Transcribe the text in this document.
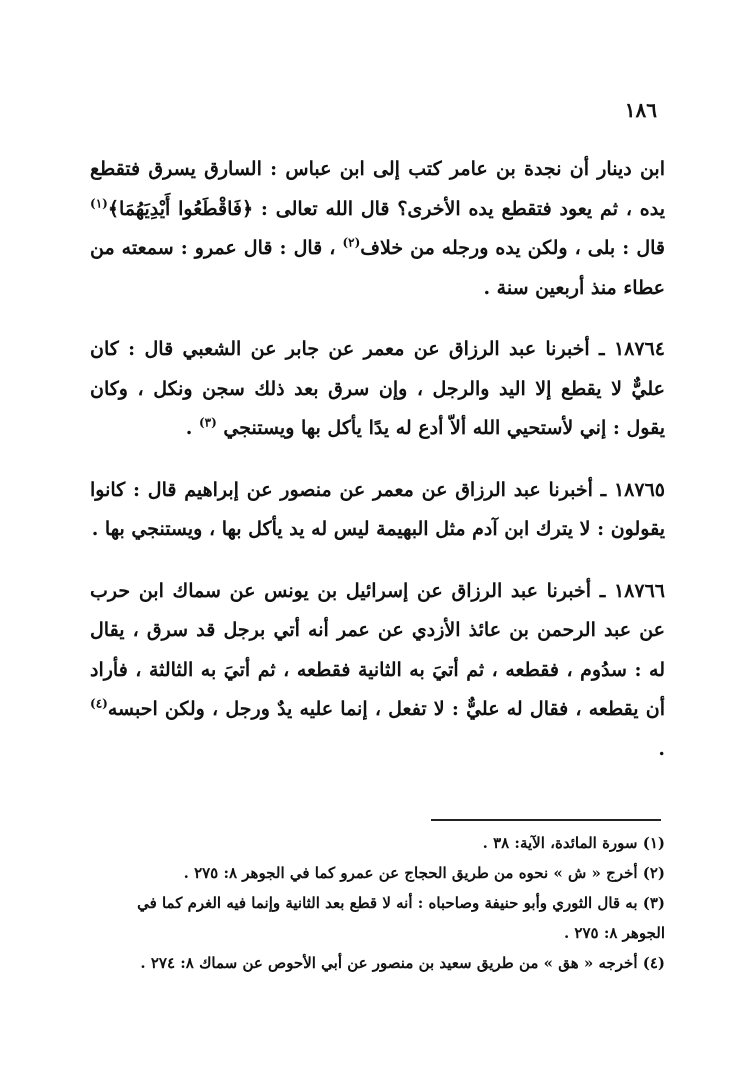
١٨٦

ابن دينار أن نجدة بن عامر كتب إلى ابن عباس : السارق يسرق فتقطع يده ، ثم يعود فتقطع يده الأخرى؟ قال الله تعالى : ﴿فَاقْطَعُوا أَيْدِيَهُمَا﴾$^{(١)}$ قال : بلى ، ولكن يده ورجله من خلاف$^{(٢)}$ ، قال : قال عمرو : سمعته من عطاء منذ أربعين سنة .

١٨٧٦٤ ـ أخبرنا عبد الرزاق عن معمر عن جابر عن الشعبي قال : كان عليٌّ لا يقطع إلا اليد والرجل ، وإن سرق بعد ذلك سجن ونكل ، وكان يقول : إني لأستحيي الله ألاّ أدع له يدًا يأكل بها ويستنجي $^{(٣)}$ .

١٨٧٦٥ ـ أخبرنا عبد الرزاق عن معمر عن منصور عن إبراهيم قال : كانوا يقولون : لا يترك ابن آدم مثل البهيمة ليس له يد يأكل بها ، ويستنجي بها .

١٨٧٦٦ ـ أخبرنا عبد الرزاق عن إسرائيل بن يونس عن سماك ابن حرب عن عبد الرحمن بن عائذ الأزدي عن عمر أنه أتي برجل قد سرق ، يقال له : سدُوم ، فقطعه ، ثم أتيَ به الثانية فقطعه ، ثم أتيَ به الثالثة ، فأراد أن يقطعه ، فقال له عليٌّ : لا تفعل ، إنما عليه يدٌ ورجل ، ولكن احبسه$^{(٤)}$ .

(١) سورة المائدة، الآية: ٣٨ .

(٢) أخرج « ش » نحوه من طريق الحجاج عن عمرو كما في الجوهر ٨: ٢٧٥ .

(٣) به قال الثوري وأبو حنيفة وصاحباه : أنه لا قطع بعد الثانية وإنما فيه الغرم كما في الجوهر ٨: ٢٧٥ .

(٤) أخرجه « هق » من طريق سعيد بن منصور عن أبي الأحوص عن سماك ٨: ٢٧٤ .
